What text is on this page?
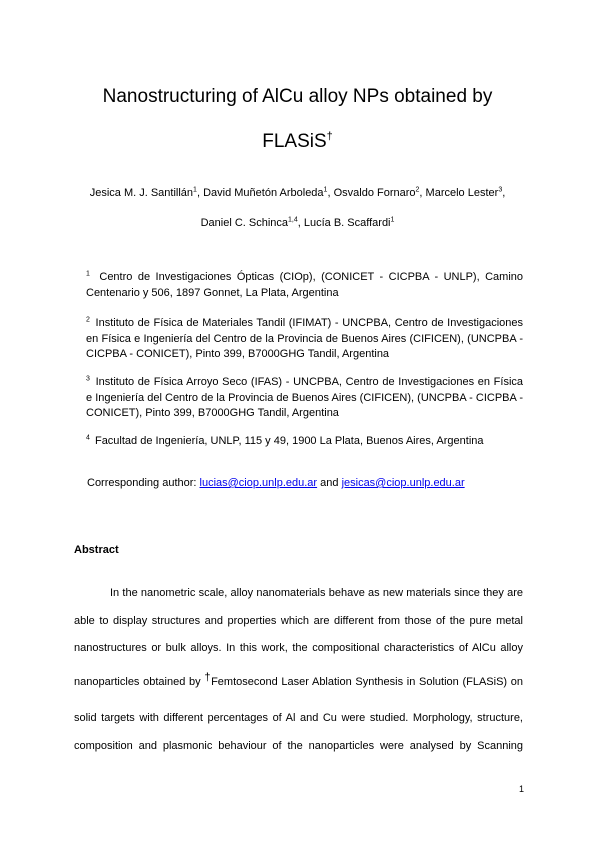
Nanostructuring of AlCu alloy NPs obtained by
FLASiS†
Jesica M. J. Santillán$^1$, David Muñetón Arboleda$^1$, Osvaldo Fornaro$^2$, Marcelo Lester$^3$,
Daniel C. Schinca$^{1,4}$, Lucía B. Scaffardi$^1$
$^1$ Centro de Investigaciones Ópticas (CIOp), (CONICET - CICPBA - UNLP), Camino Centenario y 506, 1897 Gonnet, La Plata, Argentina
$^2$ Instituto de Física de Materiales Tandil (IFIMAT) - UNCPBA, Centro de Investigaciones en Física e Ingeniería del Centro de la Provincia de Buenos Aires (CIFICEN), (UNCPBA - CICPBA - CONICET), Pinto 399, B7000GHG Tandil, Argentina
$^3$ Instituto de Física Arroyo Seco (IFAS) - UNCPBA, Centro de Investigaciones en Física e Ingeniería del Centro de la Provincia de Buenos Aires (CIFICEN), (UNCPBA - CICPBA - CONICET), Pinto 399, B7000GHG Tandil, Argentina
$^4$ Facultad de Ingeniería, UNLP, 115 y 49, 1900 La Plata, Buenos Aires, Argentina
Corresponding author: lucias@ciop.unlp.edu.ar and jesicas@ciop.unlp.edu.ar
Abstract
In the nanometric scale, alloy nanomaterials behave as new materials since they are
able to display structures and properties which are different from those of the pure metal
nanostructures or bulk alloys. In this work, the compositional characteristics of AlCu alloy
nanoparticles obtained by †Femtosecond Laser Ablation Synthesis in Solution (FLASiS) on
solid targets with different percentages of Al and Cu were studied. Morphology, structure,
composition and plasmonic behaviour of the nanoparticles were analysed by Scanning
1
